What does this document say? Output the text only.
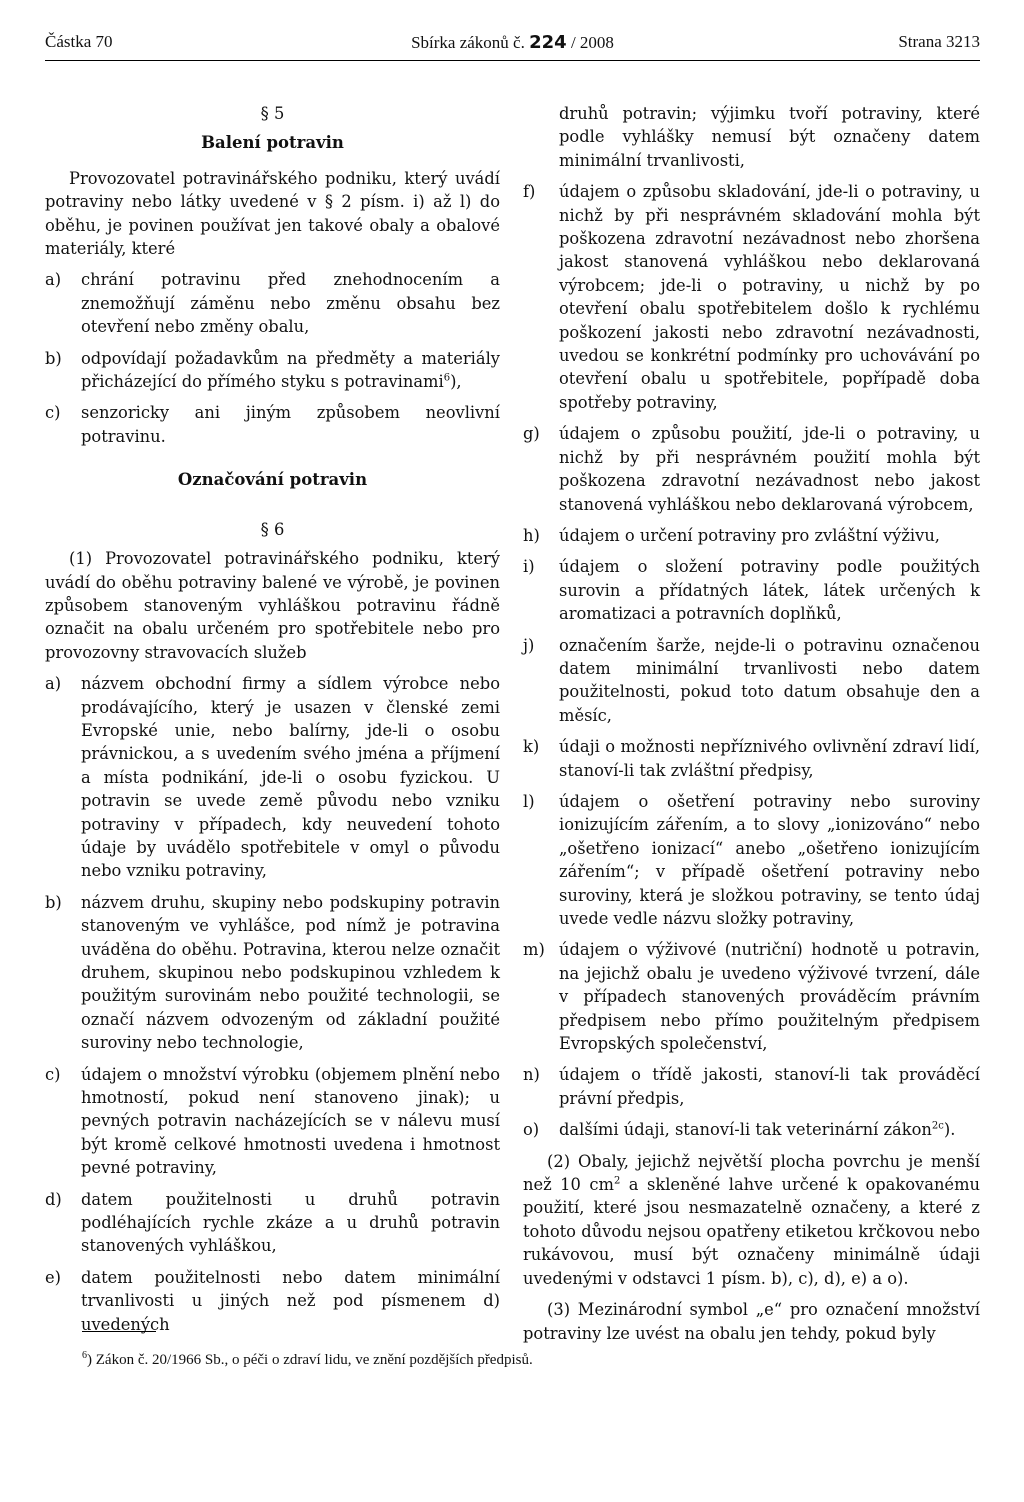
Částka 70	Sbírka zákonů č. 224 / 2008	Strana 3213
§ 5
Balení potravin
Provozovatel potravinářského podniku, který uvádí potraviny nebo látky uvedené v § 2 písm. i) až l) do oběhu, je povinen používat jen takové obaly a obalové materiály, které
a) chrání potravinu před znehodnocením a znemožňují záměnu nebo změnu obsahu bez otevření nebo změny obalu,
b) odpovídají požadavkům na předměty a materiály přicházející do přímého styku s potravinami$^6$),
c) senzoricky ani jiným způsobem neovlivní potravinu.
Označování potravin
§ 6
(1) Provozovatel potravinářského podniku, který uvádí do oběhu potraviny balené ve výrobě, je povinen způsobem stanoveným vyhláškou potravinu řádně označit na obalu určeném pro spotřebitele nebo pro provozovny stravovacích služeb
a) názvem obchodní firmy a sídlem výrobce nebo prodávajícího, který je usazen v členské zemi Evropské unie, nebo balírny, jde-li o osobu právnickou, a s uvedením svého jména a příjmení a místa podnikání, jde-li o osobu fyzickou. U potravin se uvede země původu nebo vzniku potraviny v případech, kdy neuvedení tohoto údaje by uvádělo spotřebitele v omyl o původu nebo vzniku potraviny,
b) názvem druhu, skupiny nebo podskupiny potravin stanoveným ve vyhlášce, pod nímž je potravina uváděna do oběhu. Potravina, kterou nelze označit druhem, skupinou nebo podskupinou vzhledem k použitým surovinám nebo použité technologii, se označí názvem odvozeným od základní použité suroviny nebo technologie,
c) údajem o množství výrobku (objemem plnění nebo hmotností, pokud není stanoveno jinak); u pevných potravin nacházejících se v nálevu musí být kromě celkové hmotnosti uvedena i hmotnost pevné potraviny,
d) datem použitelnosti u druhů potravin podléhajících rychle zkáze a u druhů potravin stanovených vyhláškou,
e) datem použitelnosti nebo datem minimální trvanlivosti u jiných než pod písmenem d) uvedených
druhů potravin; výjimku tvoří potraviny, které podle vyhlášky nemusí být označeny datem minimální trvanlivosti,
f) údajem o způsobu skladování, jde-li o potraviny, u nichž by při nesprávném skladování mohla být poškozena zdravotní nezávadnost nebo zhoršena jakost stanovená vyhláškou nebo deklarovaná výrobcem; jde-li o potraviny, u nichž by po otevření obalu spotřebitelem došlo k rychlému poškození jakosti nebo zdravotní nezávadnosti, uvedou se konkrétní podmínky pro uchovávání po otevření obalu u spotřebitele, popřípadě doba spotřeby potraviny,
g) údajem o způsobu použití, jde-li o potraviny, u nichž by při nesprávném použití mohla být poškozena zdravotní nezávadnost nebo jakost stanovená vyhláškou nebo deklarovaná výrobcem,
h) údajem o určení potraviny pro zvláštní výživu,
i) údajem o složení potraviny podle použitých surovin a přídatných látek, látek určených k aromatizaci a potravních doplňků,
j) označením šarže, nejde-li o potravinu označenou datem minimální trvanlivosti nebo datem použitelnosti, pokud toto datum obsahuje den a měsíc,
k) údaji o možnosti nepříznivého ovlivnění zdraví lidí, stanoví-li tak zvláštní předpisy,
l) údajem o ošetření potraviny nebo suroviny ionizujícím zářením, a to slovy „ionizováno“ nebo „ošetřeno ionizací“ anebo „ošetřeno ionizujícím zářením“; v případě ošetření potraviny nebo suroviny, která je složkou potraviny, se tento údaj uvede vedle názvu složky potraviny,
m) údajem o výživové (nutriční) hodnotě u potravin, na jejichž obalu je uvedeno výživové tvrzení, dále v případech stanovených prováděcím právním předpisem nebo přímo použitelným předpisem Evropských společenství,
n) údajem o třídě jakosti, stanoví-li tak prováděcí právní předpis,
o) dalšími údaji, stanoví-li tak veterinární zákon$^{2c}$).
(2) Obaly, jejichž největší plocha povrchu je menší než 10 $cm^2$ a skleněné lahve určené k opakovanému použití, které jsou nesmazatelně označeny, a které z tohoto důvodu nejsou opatřeny etiketou krčkovou nebo rukávovou, musí být označeny minimálně údaji uvedenými v odstavci 1 písm. b), c), d), e) a o).
(3) Mezinárodní symbol „e“ pro označení množství potraviny lze uvést na obalu jen tehdy, pokud byly
$^6$) Zákon č. 20/1966 Sb., o péči o zdraví lidu, ve znění pozdějších předpisů.
